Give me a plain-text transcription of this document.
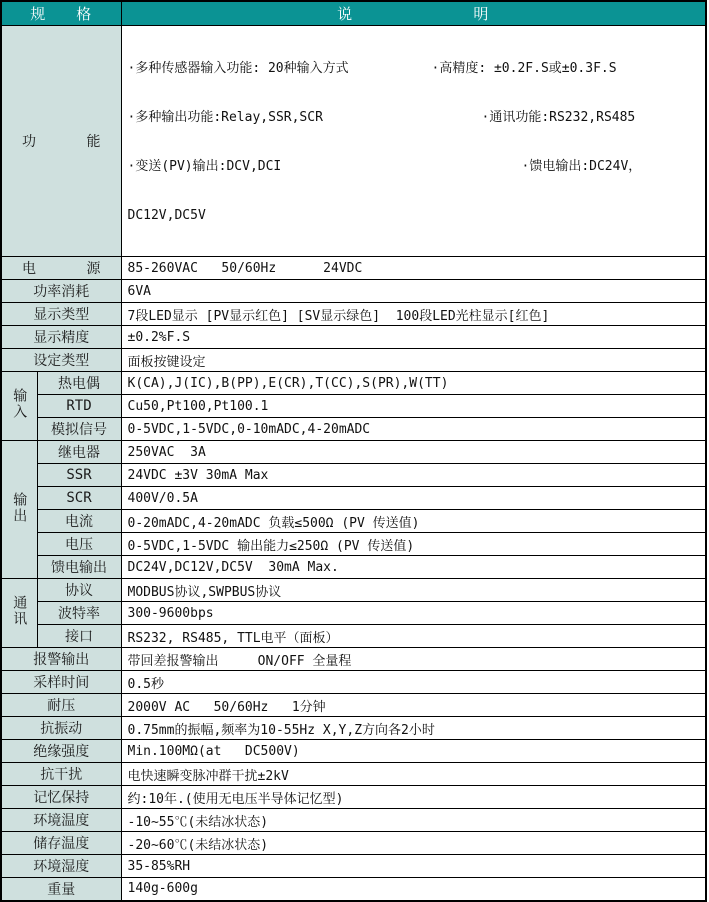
规   格		说            明
功      能	

·多种传感器输入功能: 20种输入方式	·高精度: ±0.2F.S或±0.3F.S

·多种输出功能:Relay,SSR,SCR	·通讯功能:RS232,RS485

·变送(PV)输出:DCV,DCI	·馈电输出:DC24V，

DC12V,DC5V

电      源		85-260VAC   50/60Hz      24VDC
功率消耗		6VA
显示类型		7段LED显示 [PV显示红色] [SV显示绿色]  100段LED光柱显示[红色]
显示精度		±0.2%F.S
设定类型		面板按键设定
输入	热电偶	K(CA),J(IC),B(PP),E(CR),T(CC),S(PR),W(TT)
	RTD	Cu50,Pt100,Pt100.1
	模拟信号	0-5VDC,1-5VDC,0-10mADC,4-20mADC
输出	继电器	250VAC  3A
	SSR	24VDC ±3V 30mA Max
	SCR	400V/0.5A
	电流	0-20mADC,4-20mADC 负载≤500Ω (PV 传送值)
	电压	0-5VDC,1-5VDC 输出能力≤250Ω (PV 传送值)
	馈电输出	DC24V,DC12V,DC5V  30mA Max.
通讯	协议	MODBUS协议,SWPBUS协议
	波特率	300-9600bps
	接口	RS232, RS485, TTL电平（面板）
报警输出		带回差报警输出     ON/OFF 全量程
采样时间		0.5秒
耐压		2000V AC   50/60Hz   1分钟
抗振动		0.75mm的振幅,频率为10-55Hz X,Y,Z方向各2小时
绝缘强度		Min.100MΩ(at   DC500V)
抗干扰		电快速瞬变脉冲群干扰±2kV
记忆保持		约:10年.(使用无电压半导体记忆型)
环境温度		-10~55℃(未结冰状态)
储存温度		-20~60℃(未结冰状态)
环境湿度		35-85%RH
重量		140g-600g
